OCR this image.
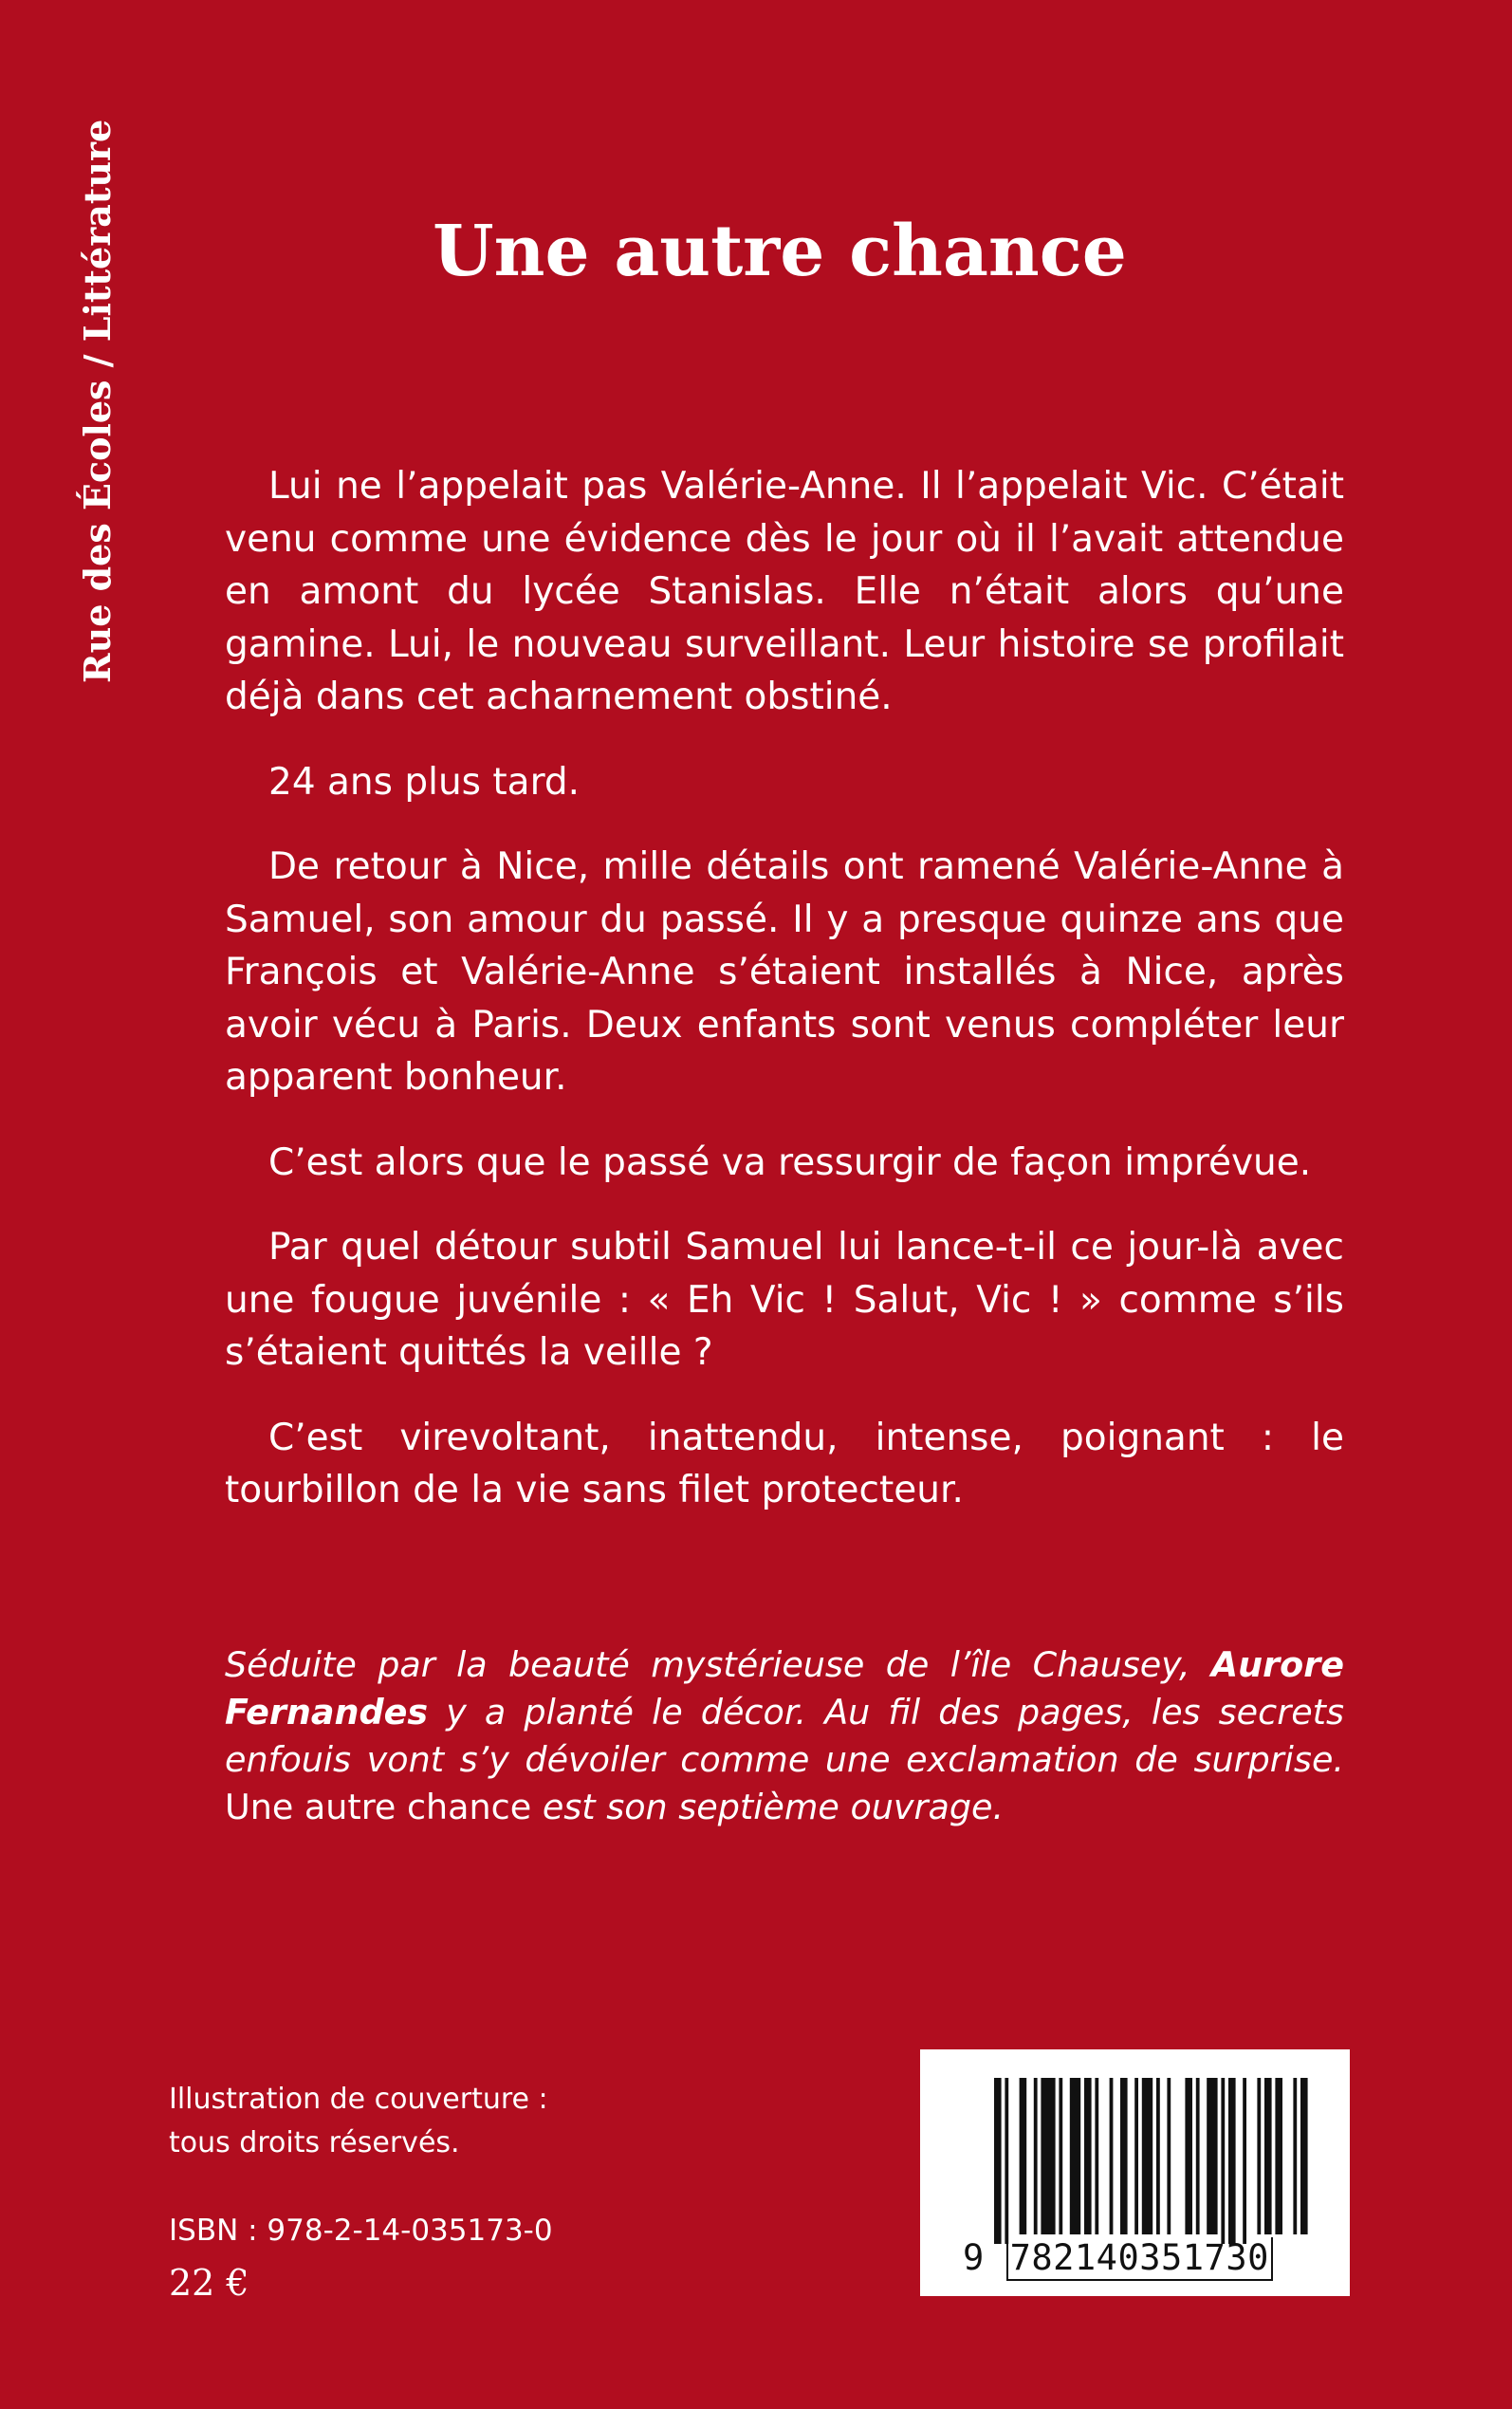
Rue des Écoles / Littérature	Une autre chance

Lui ne l’appelait pas Valérie-Anne. Il l’appelait Vic. C’était venu comme une évidence dès le jour où il l’avait attendue en amont du lycée Stanislas. Elle n’était alors qu’une gamine. Lui, le nouveau surveillant. Leur histoire se profilait déjà dans cet acharnement obstiné.

24 ans plus tard.

De retour à Nice, mille détails ont ramené Valérie-Anne à Samuel, son amour du passé. Il y a presque quinze ans que François et Valérie-Anne s’étaient installés à Nice, après avoir vécu à Paris. Deux enfants sont venus compléter leur apparent bonheur.

C’est alors que le passé va ressurgir de façon imprévue.

Par quel détour subtil Samuel lui lance-t-il ce jour-là avec une fougue juvénile : « Eh Vic ! Salut, Vic ! » comme s’ils s’étaient quittés la veille ?

C’est virevoltant, inattendu, intense, poignant : le tourbillon de la vie sans filet protecteur.

Séduite par la beauté mystérieuse de l’île Chausey, Aurore Fernandes y a planté le décor. Au fil des pages, les secrets enfouis vont s’y dévoiler comme une exclamation de surprise. Une autre chance est son septième ouvrage.

Illustration de couverture :
tous droits réservés.
ISBN : 978-2-14-035173-0
22 €
9 782140351730
